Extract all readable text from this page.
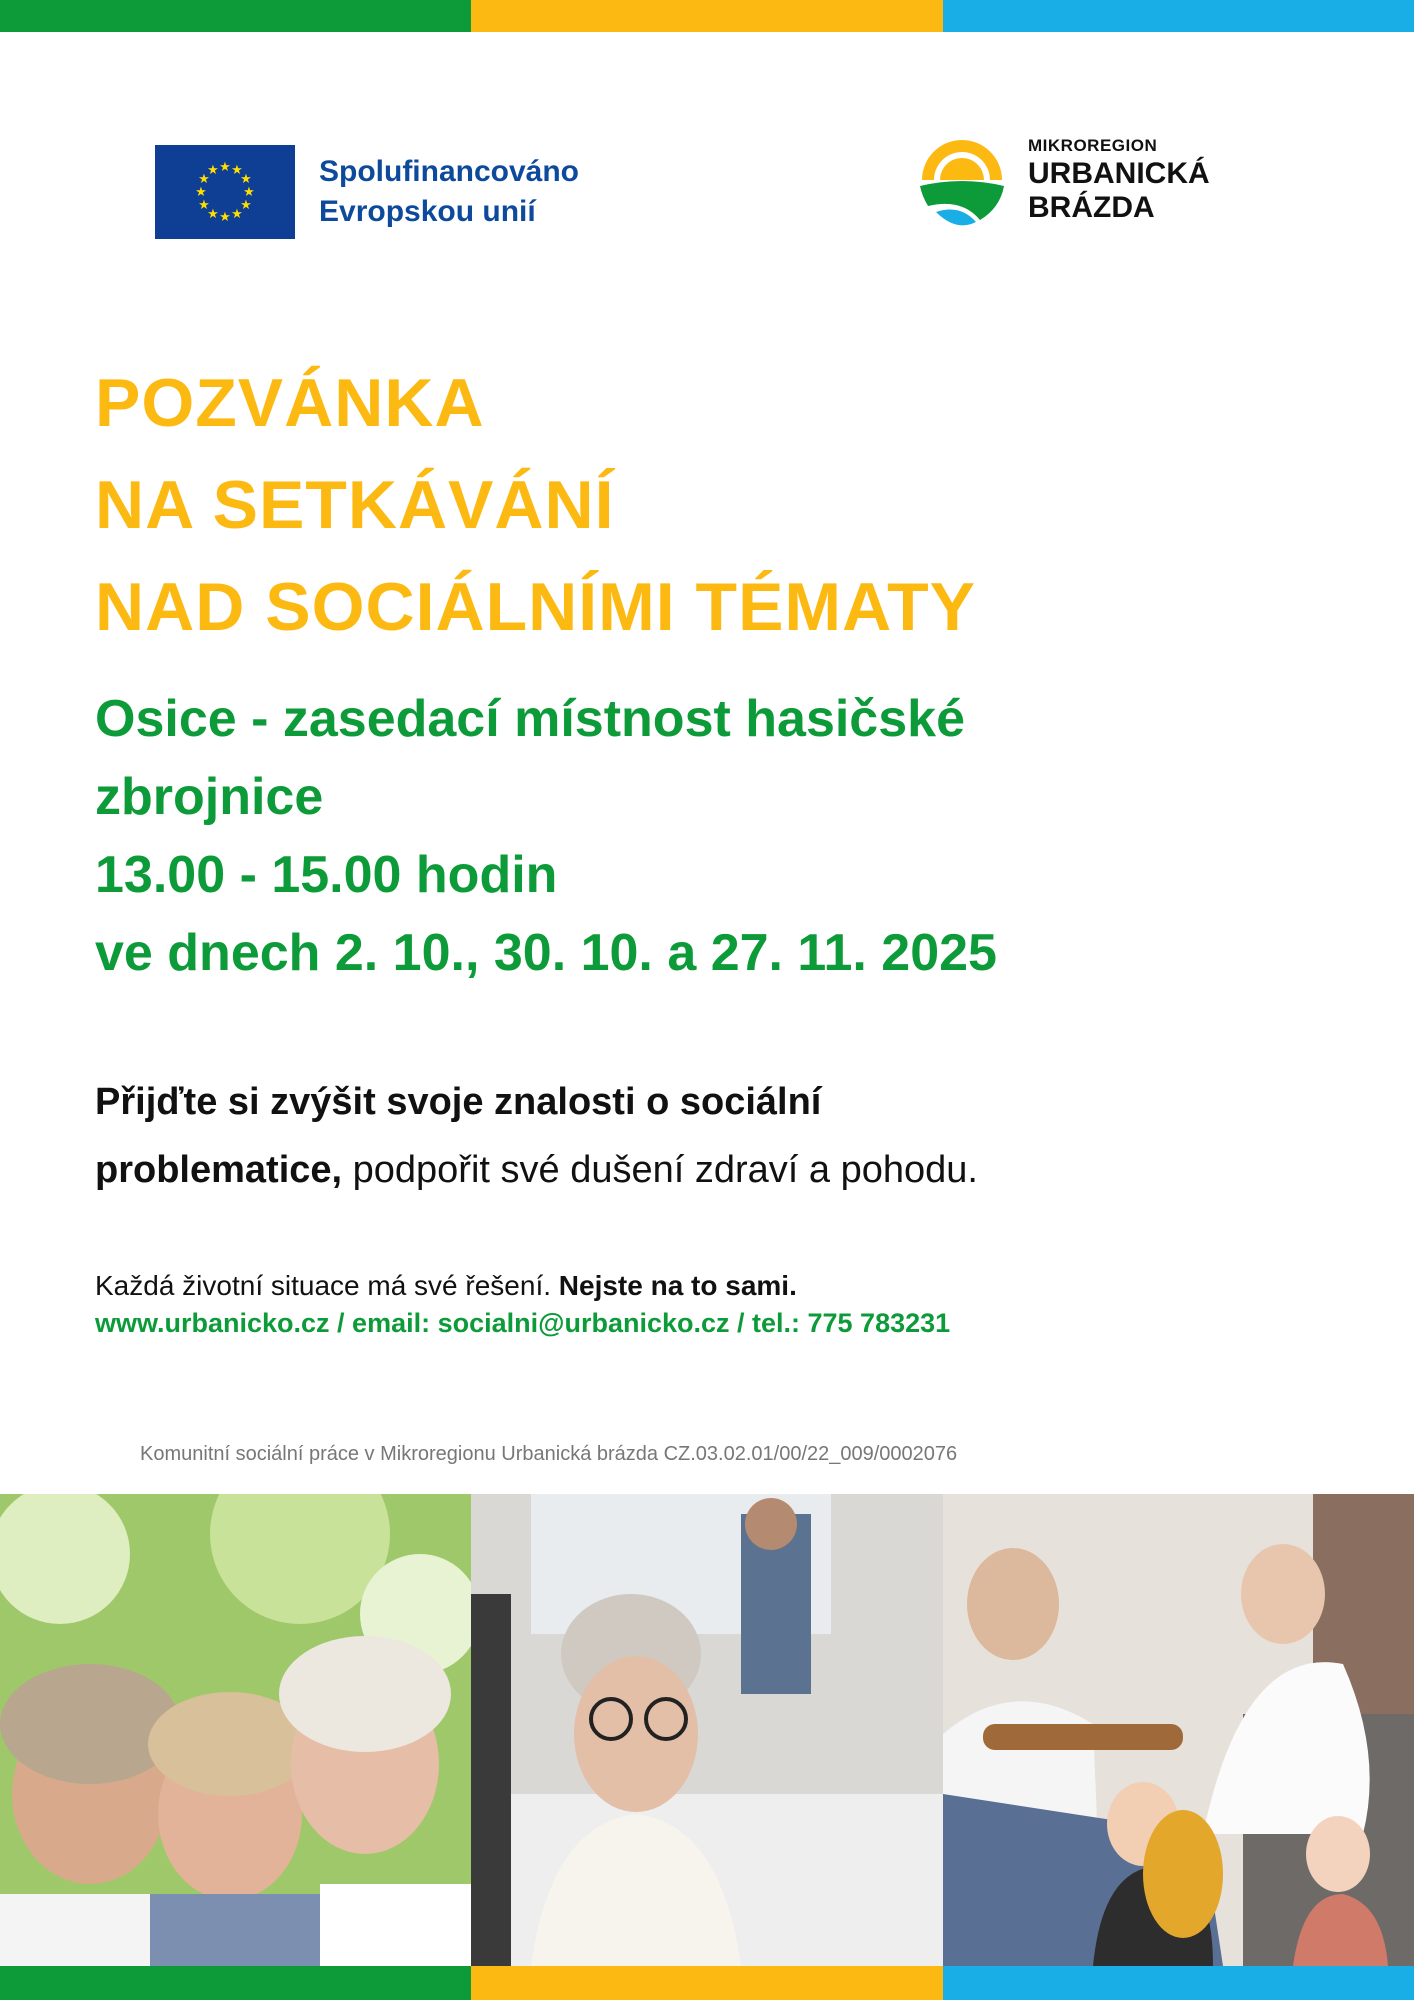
★ ★
★
★
★
★
★
★
★
★
★
★	Spolufinancováno
Evropskou unií
MIKROREGION
URBANICKÁ
BRÁZDA
POZVÁNKA
NA SETKÁVÁNÍ
NAD SOCIÁLNÍMI TÉMATY
Osice - zasedací místnost hasičské
zbrojnice
13.00 - 15.00 hodin
ve dnech 2. 10., 30. 10. a 27. 11. 2025
Přijďte si zvýšit svoje znalosti o sociální
problematice, podpořit své dušení zdraví a pohodu.

Každá životní situace má své řešení. Nejste na to sami.

www.urbanicko.cz / email: socialni@urbanicko.cz / tel.: 775 783231

Komunitní sociální práce v Mikroregionu Urbanická brázda CZ.03.02.01/00/22_009/0002076
